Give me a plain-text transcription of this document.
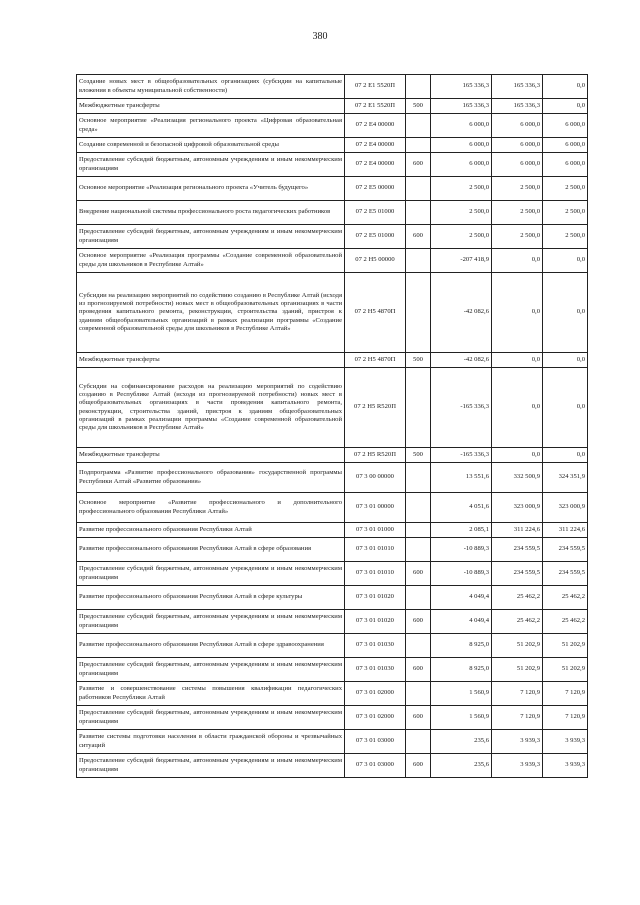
380
Создание новых мест в общеобразовательных организациях (субсидии на капитальные вложения в объекты муниципальной собственности)	07 2 E1 5520П		165 336,3	165 336,3	0,0
Межбюджетные трансферты	07 2 E1 5520П	500	165 336,3	165 336,3	0,0
Основное мероприятие «Реализация регионального проекта «Цифровая образовательная среда»	07 2 E4 00000		6 000,0	6 000,0	6 000,0
Создание современной и безопасной цифровой образовательной среды	07 2 E4 00000		6 000,0	6 000,0	6 000,0
Предоставление субсидий бюджетным, автономным учреждениям и иным некоммерческим организациям	07 2 E4 00000	600	6 000,0	6 000,0	6 000,0
Основное мероприятие «Реализация регионального проекта «Учитель будущего»	07 2 E5 00000		2 500,0	2 500,0	2 500,0
Внедрение национальной системы профессионального роста педагогических работников	07 2 E5 01000		2 500,0	2 500,0	2 500,0
Предоставление субсидий бюджетным, автономным учреждениям и иным некоммерческим организациям	07 2 E5 01000	600	2 500,0	2 500,0	2 500,0
Основное мероприятие «Реализация программы «Создание современной образовательной среды для школьников в Республике Алтай»	07 2 H5 00000		-207 418,9	0,0	0,0
Субсидии на реализацию мероприятий по содействию созданию в Республике Алтай (исходя из прогнозируемой потребности) новых мест в общеобразовательных организациях в части проведения капитального ремонта, реконструкции, строительства зданий, пристроя к зданиям общеобразовательных организаций в рамках реализации программы «Создание современной образовательной среды для школьников в Республике Алтай»	07 2 H5 4870П		-42 082,6	0,0	0,0
Межбюджетные трансферты	07 2 H5 4870П	500	-42 082,6	0,0	0,0
Субсидии на софинансирование расходов на реализацию мероприятий по содействию созданию в Республике Алтай (исходя из прогнозируемой потребности) новых мест в общеобразовательных организациях в части проведения капитального ремонта, реконструкции, строительства зданий, пристроя к зданиям общеобразовательных организаций в рамках реализации программы «Создание современной образовательной среды для школьников в Республике Алтай»	07 2 H5 R520П		-165 336,3	0,0	0,0
Межбюджетные трансферты	07 2 H5 R520П	500	-165 336,3	0,0	0,0
Подпрограмма «Развитие профессионального образования» государственной программы Республики Алтай «Развитие образования»	07 3 00 00000		13 551,6	332 500,9	324 351,9
Основное мероприятие «Развитие профессионального и дополнительного профессионального образования Республики Алтай»	07 3 01 00000		4 051,6	323 000,9	323 000,9
Развитие профессионального образования Республики Алтай	07 3 01 01000		2 085,1	311 224,6	311 224,6
Развитие профессионального образования Республики Алтай в сфере образования	07 3 01 01010		-10 889,3	234 559,5	234 559,5
Предоставление субсидий бюджетным, автономным учреждениям и иным некоммерческим организациям	07 3 01 01010	600	-10 889,3	234 559,5	234 559,5
Развитие профессионального образования Республики Алтай в сфере культуры	07 3 01 01020		4 049,4	25 462,2	25 462,2
Предоставление субсидий бюджетным, автономным учреждениям и иным некоммерческим организациям	07 3 01 01020	600	4 049,4	25 462,2	25 462,2
Развитие профессионального образования Республики Алтай в сфере здравоохранения	07 3 01 01030		8 925,0	51 202,9	51 202,9
Предоставление субсидий бюджетным, автономным учреждениям и иным некоммерческим организациям	07 3 01 01030	600	8 925,0	51 202,9	51 202,9
Развитие и совершенствование системы повышения квалификации педагогических работников Республики Алтай	07 3 01 02000		1 560,9	7 120,9	7 120,9
Предоставление субсидий бюджетным, автономным учреждениям и иным некоммерческим организациям	07 3 01 02000	600	1 560,9	7 120,9	7 120,9
Развитие системы подготовки населения в области гражданской обороны и чрезвычайных ситуаций	07 3 01 03000		235,6	3 939,3	3 939,3
Предоставление субсидий бюджетным, автономным учреждениям и иным некоммерческим организациям	07 3 01 03000	600	235,6	3 939,3	3 939,3
